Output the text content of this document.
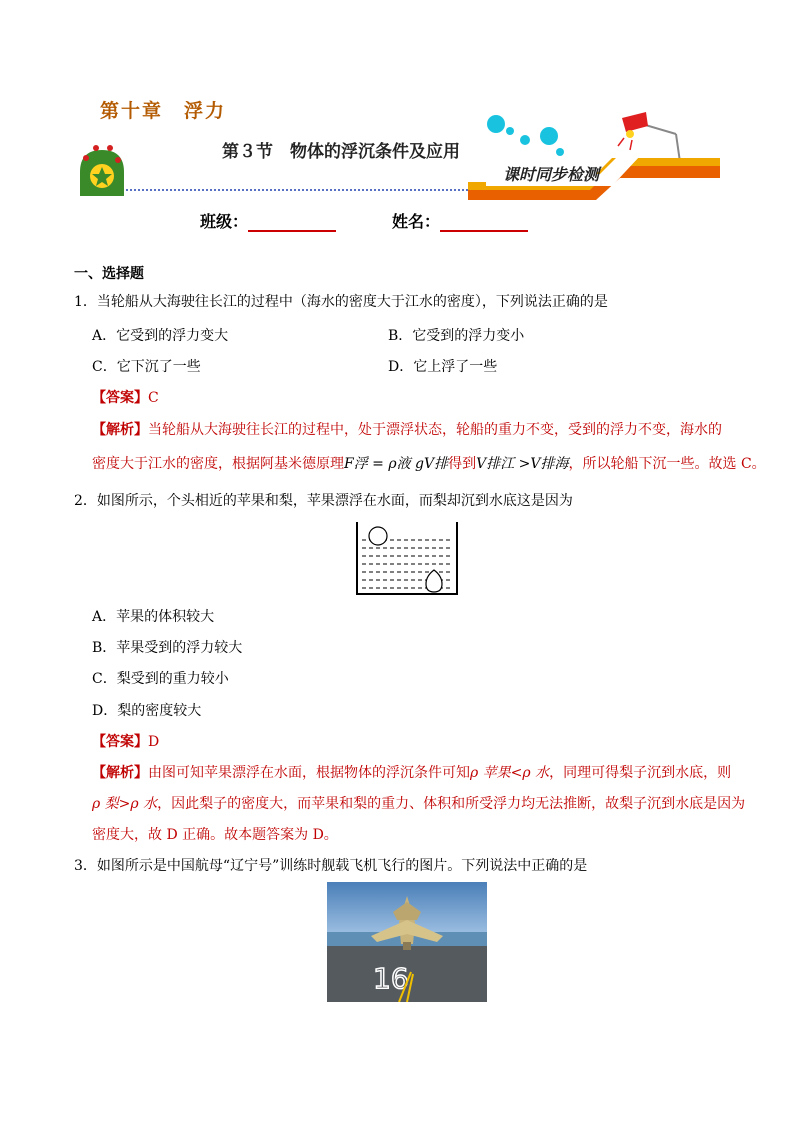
第十章　浮力
第３节　物体的浮沉条件及应用
课时同步检测
班级：	姓名：
一、选择题
1．当轮船从大海驶往长江的过程中（海水的密度大于江水的密度），下列说法正确的是
A．它受到的浮力变大	B．它受到的浮力变小
C．它下沉了一些	D．它上浮了一些
【答案】C
【解析】当轮船从大海驶往长江的过程中，处于漂浮状态，轮船的重力不变，受到的浮力不变，海水的
密度大于江水的密度，根据阿基米德原理F浮 = ρ液 gV排得到V排江 >V排海，所以轮船下沉一些。故选 C。
2．如图所示，个头相近的苹果和梨，苹果漂浮在水面，而梨却沉到水底这是因为
A．苹果的体积较大
B．苹果受到的浮力较大
C．梨受到的重力较小
D．梨的密度较大
【答案】D
【解析】由图可知苹果漂浮在水面，根据物体的浮沉条件可知ρ 苹果<ρ 水，同理可得梨子沉到水底，则
ρ 梨>ρ 水，因此梨子的密度大，而苹果和梨的重力、体积和所受浮力均无法推断，故梨子沉到水底是因为
密度大，故 D 正确。故本题答案为 D。
3．如图所示是中国航母“辽宁号”训练时舰载飞机飞行的图片。下列说法中正确的是
16
